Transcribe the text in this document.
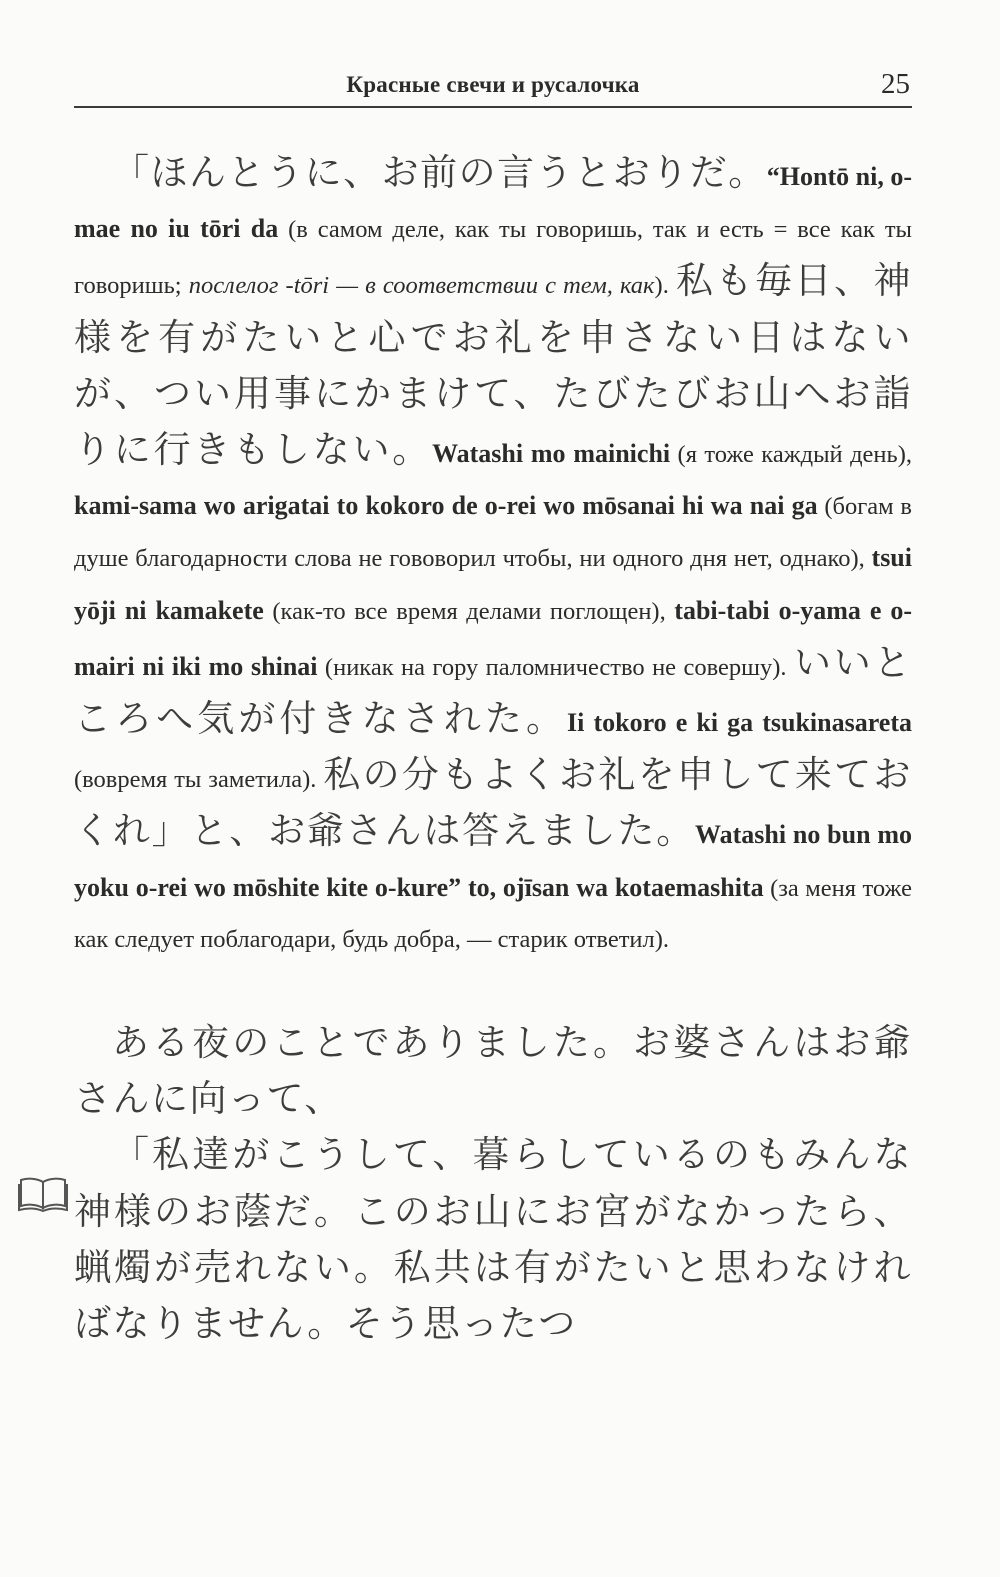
Красные свечи и русалочка	25

「ほんとうに、お前の言うとおりだ。“Hontō ni, o-mae no iu tōri da (в самом деле, как ты говоришь, так и есть = все как ты говоришь; послелог -tōri — в соответствии с тем, как). 私も毎日、神様を有がたいと心でお礼を申さない日はないが、つい用事にかまけて、たびたびお山へお詣りに行きもしない。Watashi mo mainichi (я тоже каждый день), kami-sama wo arigatai to kokoro de o-rei wo mōsanai hi wa nai ga (богам в душе благодарности слова не гововорил чтобы, ни одного дня нет, однако), tsui yōji ni kamakete (как-то все время делами поглощен), tabi-tabi o-yama e o-mairi ni iki mo shinai (никак на гору паломничество не совершу). いいところへ気が付きなされた。Ii tokoro e ki ga tsukinasareta (вовремя ты заметила). 私の分もよくお礼を申して来ておくれ」と、お爺さんは答えました。Watashi no bun mo yoku o-rei wo mōshite kite o-kure” to, ojīsan wa kotaemashita (за меня тоже как следует поблагодари, будь добра, — старик ответил).

ある夜のことでありました。お婆さんはお爺さんに向って、

「私達がこうして、暮らしているのもみんな神様のお蔭だ。このお山にお宮がなかったら、蝋燭が売れない。私共は有がたいと思わなければなりません。そう思ったつ
